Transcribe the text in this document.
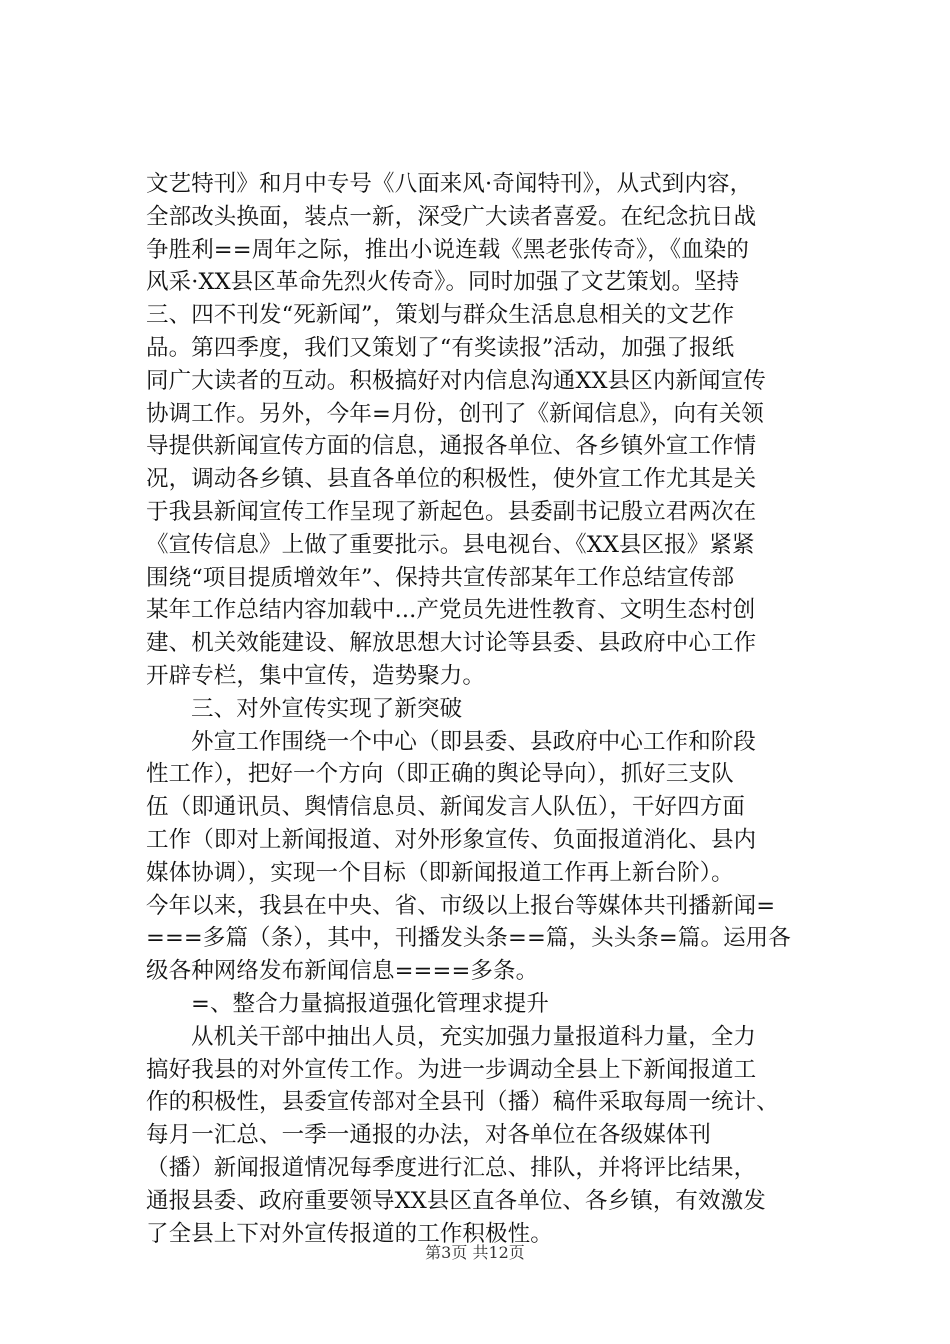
文艺特刊》和月中专号《八面来风·奇闻特刊》，从式到内容，
全部改头换面，装点一新，深受广大读者喜爱。在纪念抗日战
争胜利==周年之际，推出小说连载《黑老张传奇》，《血染的
风采·XX县区革命先烈火传奇》。同时加强了文艺策划。坚持
三、四不刊发“死新闻”，策划与群众生活息息相关的文艺作
品。第四季度，我们又策划了“有奖读报”活动，加强了报纸
同广大读者的互动。积极搞好对内信息沟通XX县区内新闻宣传
协调工作。另外，今年=月份，创刊了《新闻信息》，向有关领
导提供新闻宣传方面的信息，通报各单位、各乡镇外宣工作情
况，调动各乡镇、县直各单位的积极性，使外宣工作尤其是关
于我县新闻宣传工作呈现了新起色。县委副书记殷立君两次在
《宣传信息》上做了重要批示。县电视台、《XX县区报》紧紧
围绕“项目提质增效年”、保持共宣传部某年工作总结宣传部
某年工作总结内容加载中...产党员先进性教育、文明生态村创
建、机关效能建设、解放思想大讨论等县委、县政府中心工作
开辟专栏，集中宣传，造势聚力。
三、对外宣传实现了新突破
外宣工作围绕一个中心（即县委、县政府中心工作和阶段
性工作），把好一个方向（即正确的舆论导向），抓好三支队
伍（即通讯员、舆情信息员、新闻发言人队伍），干好四方面
工作（即对上新闻报道、对外形象宣传、负面报道消化、县内
媒体协调），实现一个目标（即新闻报道工作再上新台阶）。
今年以来，我县在中央、省、市级以上报台等媒体共刊播新闻=
===多篇（条），其中，刊播发头条==篇，头头条=篇。运用各
级各种网络发布新闻信息====多条。
=、整合力量搞报道强化管理求提升
从机关干部中抽出人员，充实加强力量报道科力量，全力
搞好我县的对外宣传工作。为进一步调动全县上下新闻报道工
作的积极性，县委宣传部对全县刊（播）稿件采取每周一统计、
每月一汇总、一季一通报的办法，对各单位在各级媒体刊
（播）新闻报道情况每季度进行汇总、排队，并将评比结果，
通报县委、政府重要领导XX县区直各单位、各乡镇，有效激发
了全县上下对外宣传报道的工作积极性。
第3页 共12页
